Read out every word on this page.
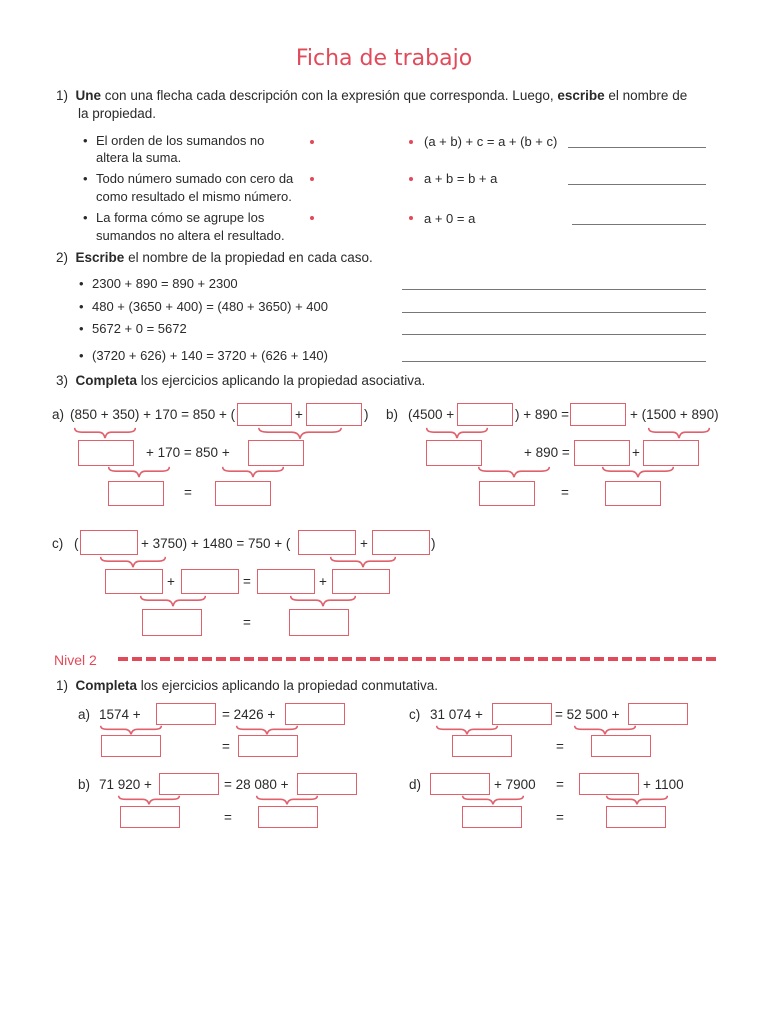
Ficha de trabajo
1) Une con una flecha cada descripción con la expresión que corresponda. Luego, escribe el nombre de
la propiedad.
• El orden de los sumandos no
altera la suma.
• Todo número sumado con cero da
como resultado el mismo número.
• La forma cómo se agrupe los
sumandos no altera el resultado.
(a + b) + c = a + (b + c)
a + b = b + a
a + 0 = a
2) Escribe el nombre de la propiedad en cada caso.
• 2300 + 890 = 890 + 2300
• 480 + (3650 + 400) = (480 + 3650) + 400
• 5672 + 0 = 5672
• (3720 + 626) + 140 = 3720 + (626 + 140)
3) Completa los ejercicios aplicando la propiedad asociativa.
a) (850 + 350) + 170 = 850 + (	+	)
+ 170 = 850 +
=
b) (4500 +	) + 890 =	+ (1500 + 890)
+ 890 =	+
=
c) (	+ 3750) + 1480 = 750 + (	+	)
+	=	+
=
Nivel 2
1) Completa los ejercicios aplicando la propiedad conmutativa.
a) 1574 +	= 2426 +
=
c) 31 074 +	= 52 500 +
=
b) 71 920 +	= 28 080 +
=
d)	+ 7900 =	+ 1100
=
